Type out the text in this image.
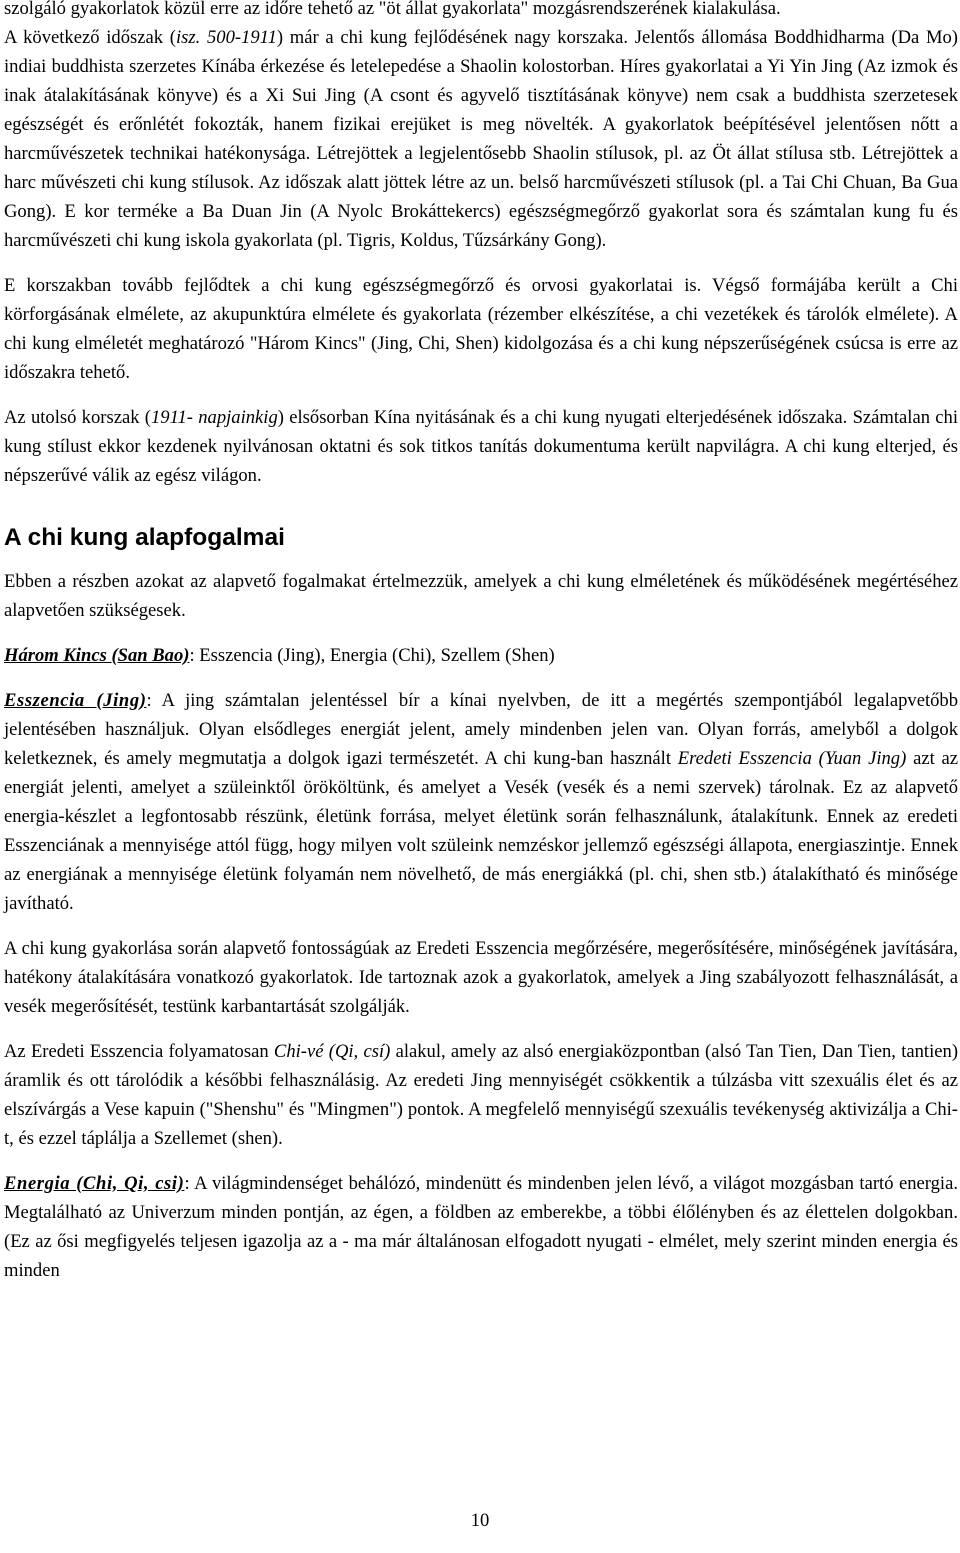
szolgáló gyakorlatok közül erre az időre tehető az "öt állat gyakorlata" mozgásrendszerének kialakulása.

A következő időszak (isz. 500-1911) már a chi kung fejlődésének nagy korszaka. Jelentős állomása Boddhidharma (Da Mo) indiai buddhista szerzetes Kínába érkezése és letelepedése a Shaolin kolostorban. Híres gyakorlatai a Yi Yin Jing (Az izmok és inak átalakításának könyve) és a Xi Sui Jing (A csont és agyvelő tisztításának könyve) nem csak a buddhista szerzetesek egészségét és erőnlétét fokozták, hanem fizikai erejüket is meg növelték. A gyakorlatok beépítésével jelentősen nőtt a harcművészetek technikai hatékonysága. Létrejöttek a legjelentősebb Shaolin stílusok, pl. az Öt állat stílusa stb. Létrejöttek a harc művészeti chi kung stílusok. Az időszak alatt jöttek létre az un. belső harcművészeti stílusok (pl. a Tai Chi Chuan, Ba Gua Gong). E kor terméke a Ba Duan Jin (A Nyolc Brokáttekercs) egészségmegőrző gyakorlat sora és számtalan kung fu és harcművészeti chi kung iskola gyakorlata (pl. Tigris, Koldus, Tűzsárkány Gong).

E korszakban tovább fejlődtek a chi kung egészségmegőrző és orvosi gyakorlatai is. Végső formájába került a Chi körforgásának elmélete, az akupunktúra elmélete és gyakorlata (rézember elkészítése, a chi vezetékek és tárolók elmélete). A chi kung elméletét meghatározó "Három Kincs" (Jing, Chi, Shen) kidolgozása és a chi kung népszerűségének csúcsa is erre az időszakra tehető.

Az utolsó korszak (1911- napjainkig) elsősorban Kína nyitásának és a chi kung nyugati elterjedésének időszaka. Számtalan chi kung stílust ekkor kezdenek nyilvánosan oktatni és sok titkos tanítás dokumentuma került napvilágra. A chi kung elterjed, és népszerűvé válik az egész világon.

A chi kung alapfogalmai

Ebben a részben azokat az alapvető fogalmakat értelmezzük, amelyek a chi kung elméletének és működésének megértéséhez alapvetően szükségesek.

Három Kincs (San Bao): Esszencia (Jing), Energia (Chi), Szellem (Shen)

Esszencia (Jing): A jing számtalan jelentéssel bír a kínai nyelvben, de itt a megértés szempontjából legalapvetőbb jelentésében használjuk. Olyan elsődleges energiát jelent, amely mindenben jelen van. Olyan forrás, amelyből a dolgok keletkeznek, és amely megmutatja a dolgok igazi természetét. A chi kung-ban használt Eredeti Esszencia (Yuan Jing) azt az energiát jelenti, amelyet a szüleinktől örököltünk, és amelyet a Vesék (vesék és a nemi szervek) tárolnak. Ez az alapvető energia-készlet a legfontosabb részünk, életünk forrása, melyet életünk során felhasználunk, átalakítunk. Ennek az eredeti Esszenciának a mennyisége attól függ, hogy milyen volt szüleink nemzéskor jellemző egészségi állapota, energiaszintje. Ennek az energiának a mennyisége életünk folyamán nem növelhető, de más energiákká (pl. chi, shen stb.) átalakítható és minősége javítható.

A chi kung gyakorlása során alapvető fontosságúak az Eredeti Esszencia megőrzésére, megerősítésére, minőségének javítására, hatékony átalakítására vonatkozó gyakorlatok. Ide tartoznak azok a gyakorlatok, amelyek a Jing szabályozott felhasználását, a vesék megerősítését, testünk karbantartását szolgálják.

Az Eredeti Esszencia folyamatosan Chi-vé (Qi, csí) alakul, amely az alsó energiaközpontban (alsó Tan Tien, Dan Tien, tantien) áramlik és ott tárolódik a későbbi felhasználásig. Az eredeti Jing mennyiségét csökkentik a túlzásba vitt szexuális élet és az elszívárgás a Vese kapuin ("Shenshu" és "Mingmen") pontok. A megfelelő mennyiségű szexuális tevékenység aktivizálja a Chi-t, és ezzel táplálja a Szellemet (shen).

Energia (Chi, Qi, csi): A világmindenséget behálózó, mindenütt és mindenben jelen lévő, a világot mozgásban tartó energia. Megtalálható az Univerzum minden pontján, az égen, a földben az emberekbe, a többi élőlényben és az élettelen dolgokban. (Ez az ősi megfigyelés teljesen igazolja az a - ma már általánosan elfogadott nyugati - elmélet, mely szerint minden energia és minden

10
